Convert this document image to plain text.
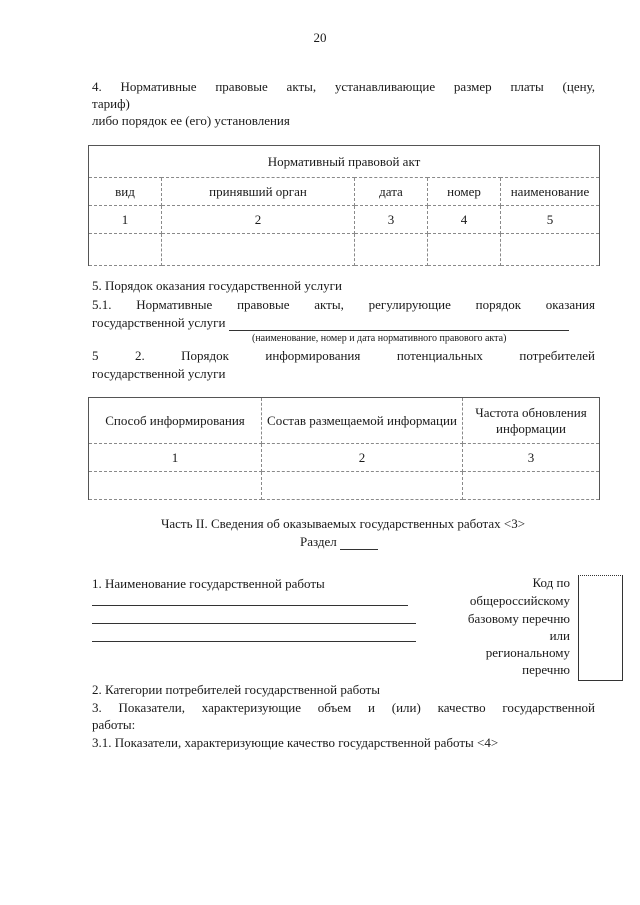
20
4. Нормативные правовые акты, устанавливающие размер платы (цену,
тариф)
либо порядок ее (его) установления
Нормативный правовой акт				
вид	принявший орган	дата	номер	наименование
1	2	3	4	5

5. Порядок оказания государственной услуги
5.1. Нормативные правовые акты, регулирующие порядок оказания
государственной услуги
(наименование, номер и дата нормативного правового акта)
5 2. Порядок информирования потенциальных потребителей
государственной услуги
Способ информирования	Состав размещаемой информации	Частота обновления информации
1	2	3

Часть II. Сведения об оказываемых государственных работах <3>
Раздел
1. Наименование государственной работы	Код по
общероссийскому
базовому перечню
или
региональному
перечню
2. Категории потребителей государственной работы
3. Показатели, характеризующие объем и (или) качество государственной
работы:
3.1. Показатели, характеризующие качество государственной работы <4>
